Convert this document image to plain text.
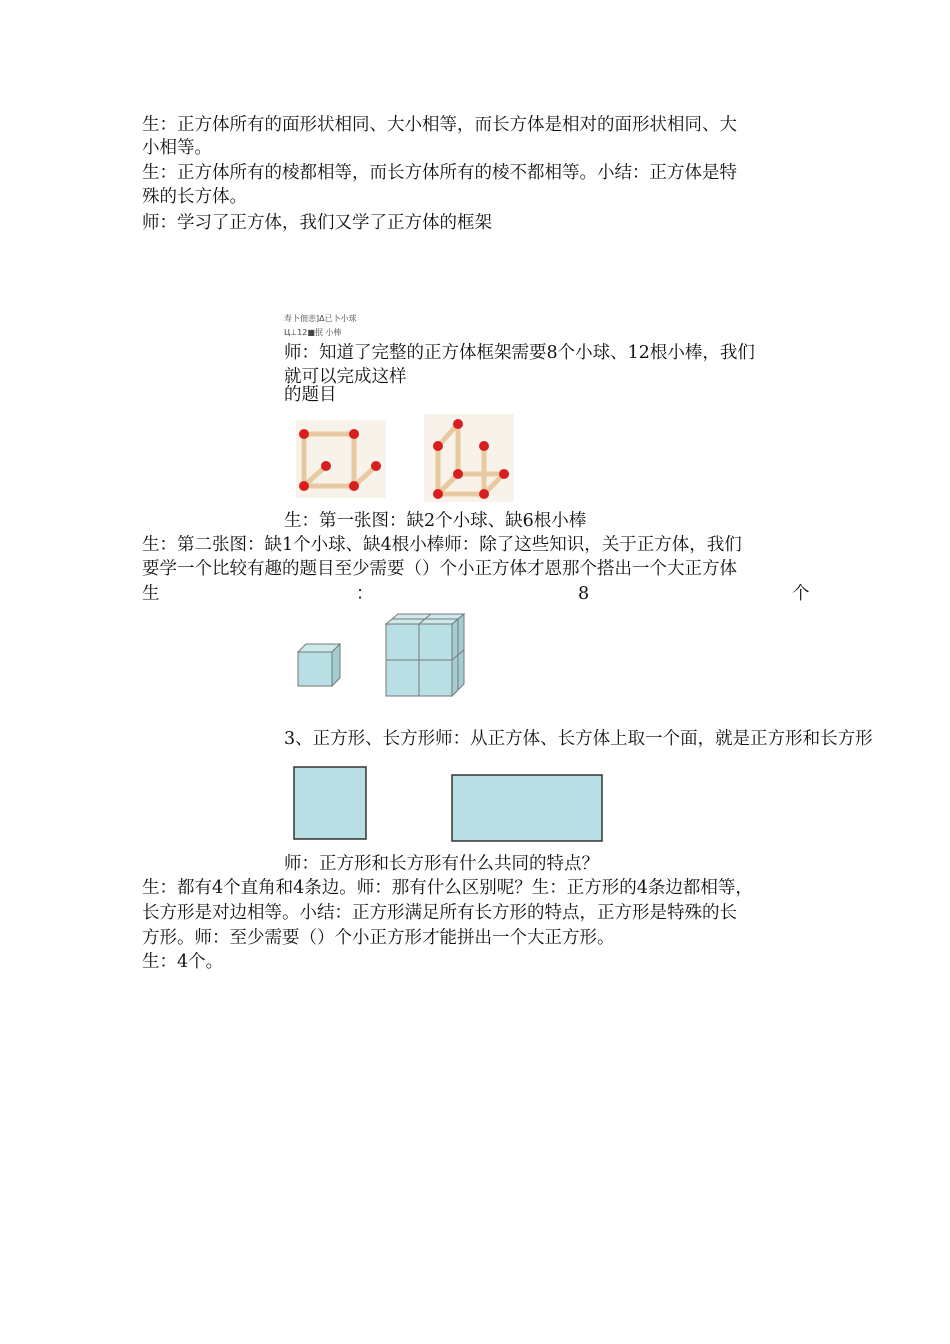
生：正方体所有的面形状相同、大小相等，而长方体是相对的面形状相同、大
小相等。
生：正方体所有的棱都相等，而长方体所有的棱不都相等。小结：正方体是特
殊的长方体。
师：学习了正方体，我们又学了正方体的框架
寿卜佃恚]Δ已卜小球
Ц⊥12■抿 小棒
师：知道了完整的正方体框架需要8个小球、12根小棒，我们
就可以完成这样
的题目
生：第一张图：缺2个小球、缺6根小棒
生：第二张图：缺1个小球、缺4根小棒师：除了这些知识，关于正方体，我们
要学一个比较有趣的题目至少需要（）个小正方体才恩那个搭出一个大正方体
生	：	8	个
3、正方形、长方形师：从正方体、长方体上取一个面，就是正方形和长方形
师：正方形和长方形有什么共同的特点？
生：都有4个直角和4条边。师：那有什么区别呢？生：正方形的4条边都相等，
长方形是对边相等。小结：正方形满足所有长方形的特点，正方形是特殊的长
方形。师：至少需要（）个小正方形才能拼出一个大正方形。
生：4个。
